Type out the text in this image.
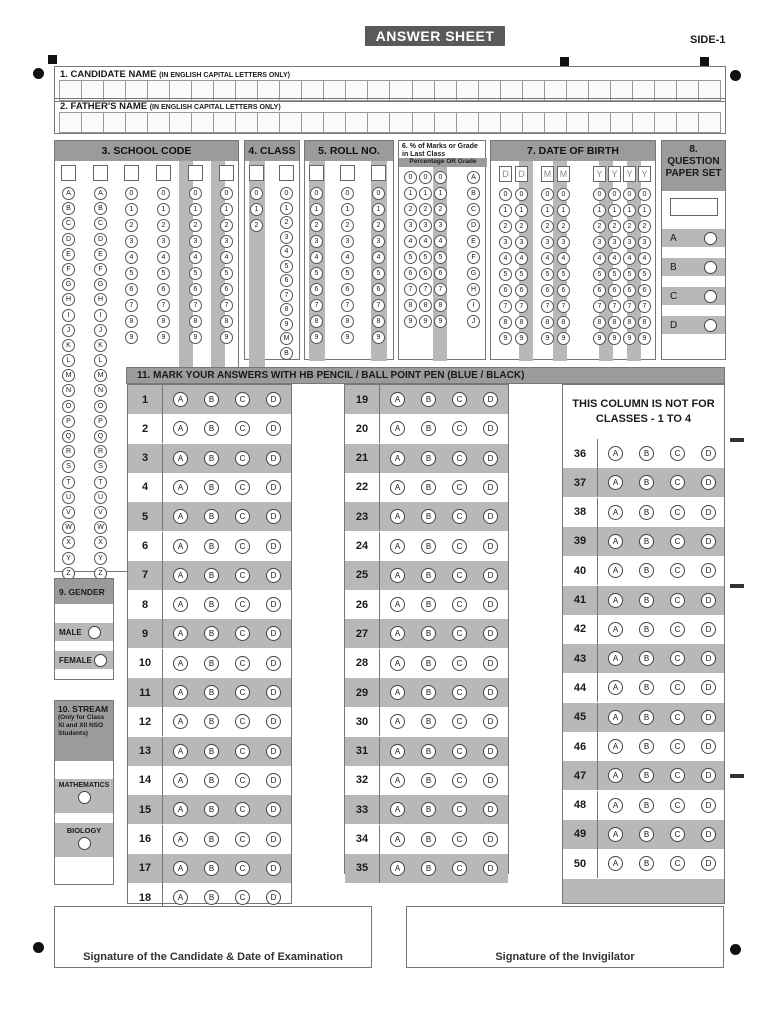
ANSWER SHEET	SIDE-1
1. CANDIDATE NAME (IN ENGLISH CAPITAL LETTERS ONLY)
2. FATHER'S NAME (IN ENGLISH CAPITAL LETTERS ONLY)
3. SCHOOL CODE
A
B
C
D
E
F
G
H
I
J
K
L
M
N
O
P
Q
R
S
T
U
V
W
X
Y
Z
A
B
C
D
E
F
G
H
I
J
K
L
M
N
O
P
Q
R
S
T
U
V
W
X
Y
Z
0
1
2
3
4
5
6
7
8
9
0
1
2
3
4
5
6
7
8
9
0
1
2
3
4
5
6
7
8
9
0
1
2
3
4
5
6
7
8
9
4. CLASS
0
1
2
0
1
2
3
4
5
6
7
8
9
M
B
5. ROLL NO.
0
1
2
3
4
5
6
7
8
9
0
1
2
3
4
5
6
7
8
9
0
1
2
3
4
5
6
7
8
9
6. % of Marks or Grade in Last Class
Percentage OR Grade
0
1
2
3
4
5
6
7
8
9
0
1
2
3
4
5
6
7
8
9
0
1
2
3
4
5
6
7
8
9
A
B
C
D
E
F
G
H
I
J
7. DATE OF BIRTH
D
0
1
2
3
4
5
6
7
8
9
D
0
1
2
3
4
5
6
7
8
9
M
0
1
2
3
4
5
6
7
8
9
M
0
1
2
3
4
5
6
7
8
9
Y
0
1
2
3
4
5
6
7
8
9
Y
0
1
2
3
4
5
6
7
8
9
Y
0
1
2
3
4
5
6
7
8
9
Y
0
1
2
3
4
5
6
7
8
9
8. QUESTION PAPER SET
A
B
C
D
9. GENDER
MALE
FEMALE
10. STREAM
(Only for Class XI and XII NSO Students)
MATHEMATICS
BIOLOGY
11. MARK YOUR ANSWERS WITH HB PENCIL / BALL POINT PEN (BLUE / BLACK)
1	A	B	C	D
2	A	B	C	D
3	A	B	C	D
4	A	B	C	D
5	A	B	C	D
6	A	B	C	D
7	A	B	C	D
8	A	B	C	D
9	A	B	C	D
10	A	B	C	D
11	A	B	C	D
12	A	B	C	D
13	A	B	C	D
14	A	B	C	D
15	A	B	C	D
16	A	B	C	D
17	A	B	C	D
18	A	B	C	D
19	A	B	C	D
20	A	B	C	D
21	A	B	C	D
22	A	B	C	D
23	A	B	C	D
24	A	B	C	D
25	A	B	C	D
26	A	B	C	D
27	A	B	C	D
28	A	B	C	D
29	A	B	C	D
30	A	B	C	D
31	A	B	C	D
32	A	B	C	D
33	A	B	C	D
34	A	B	C	D
35	A	B	C	D
36	A	B	C	D
37	A	B	C	D
38	A	B	C	D
39	A	B	C	D
40	A	B	C	D
41	A	B	C	D
42	A	B	C	D
43	A	B	C	D
44	A	B	C	D
45	A	B	C	D
46	A	B	C	D
47	A	B	C	D
48	A	B	C	D
49	A	B	C	D
50	A	B	C	D
THIS COLUMN IS NOT FOR CLASSES - 1 TO 4
Signature of the Candidate & Date of Examination	Signature of the Invigilator
